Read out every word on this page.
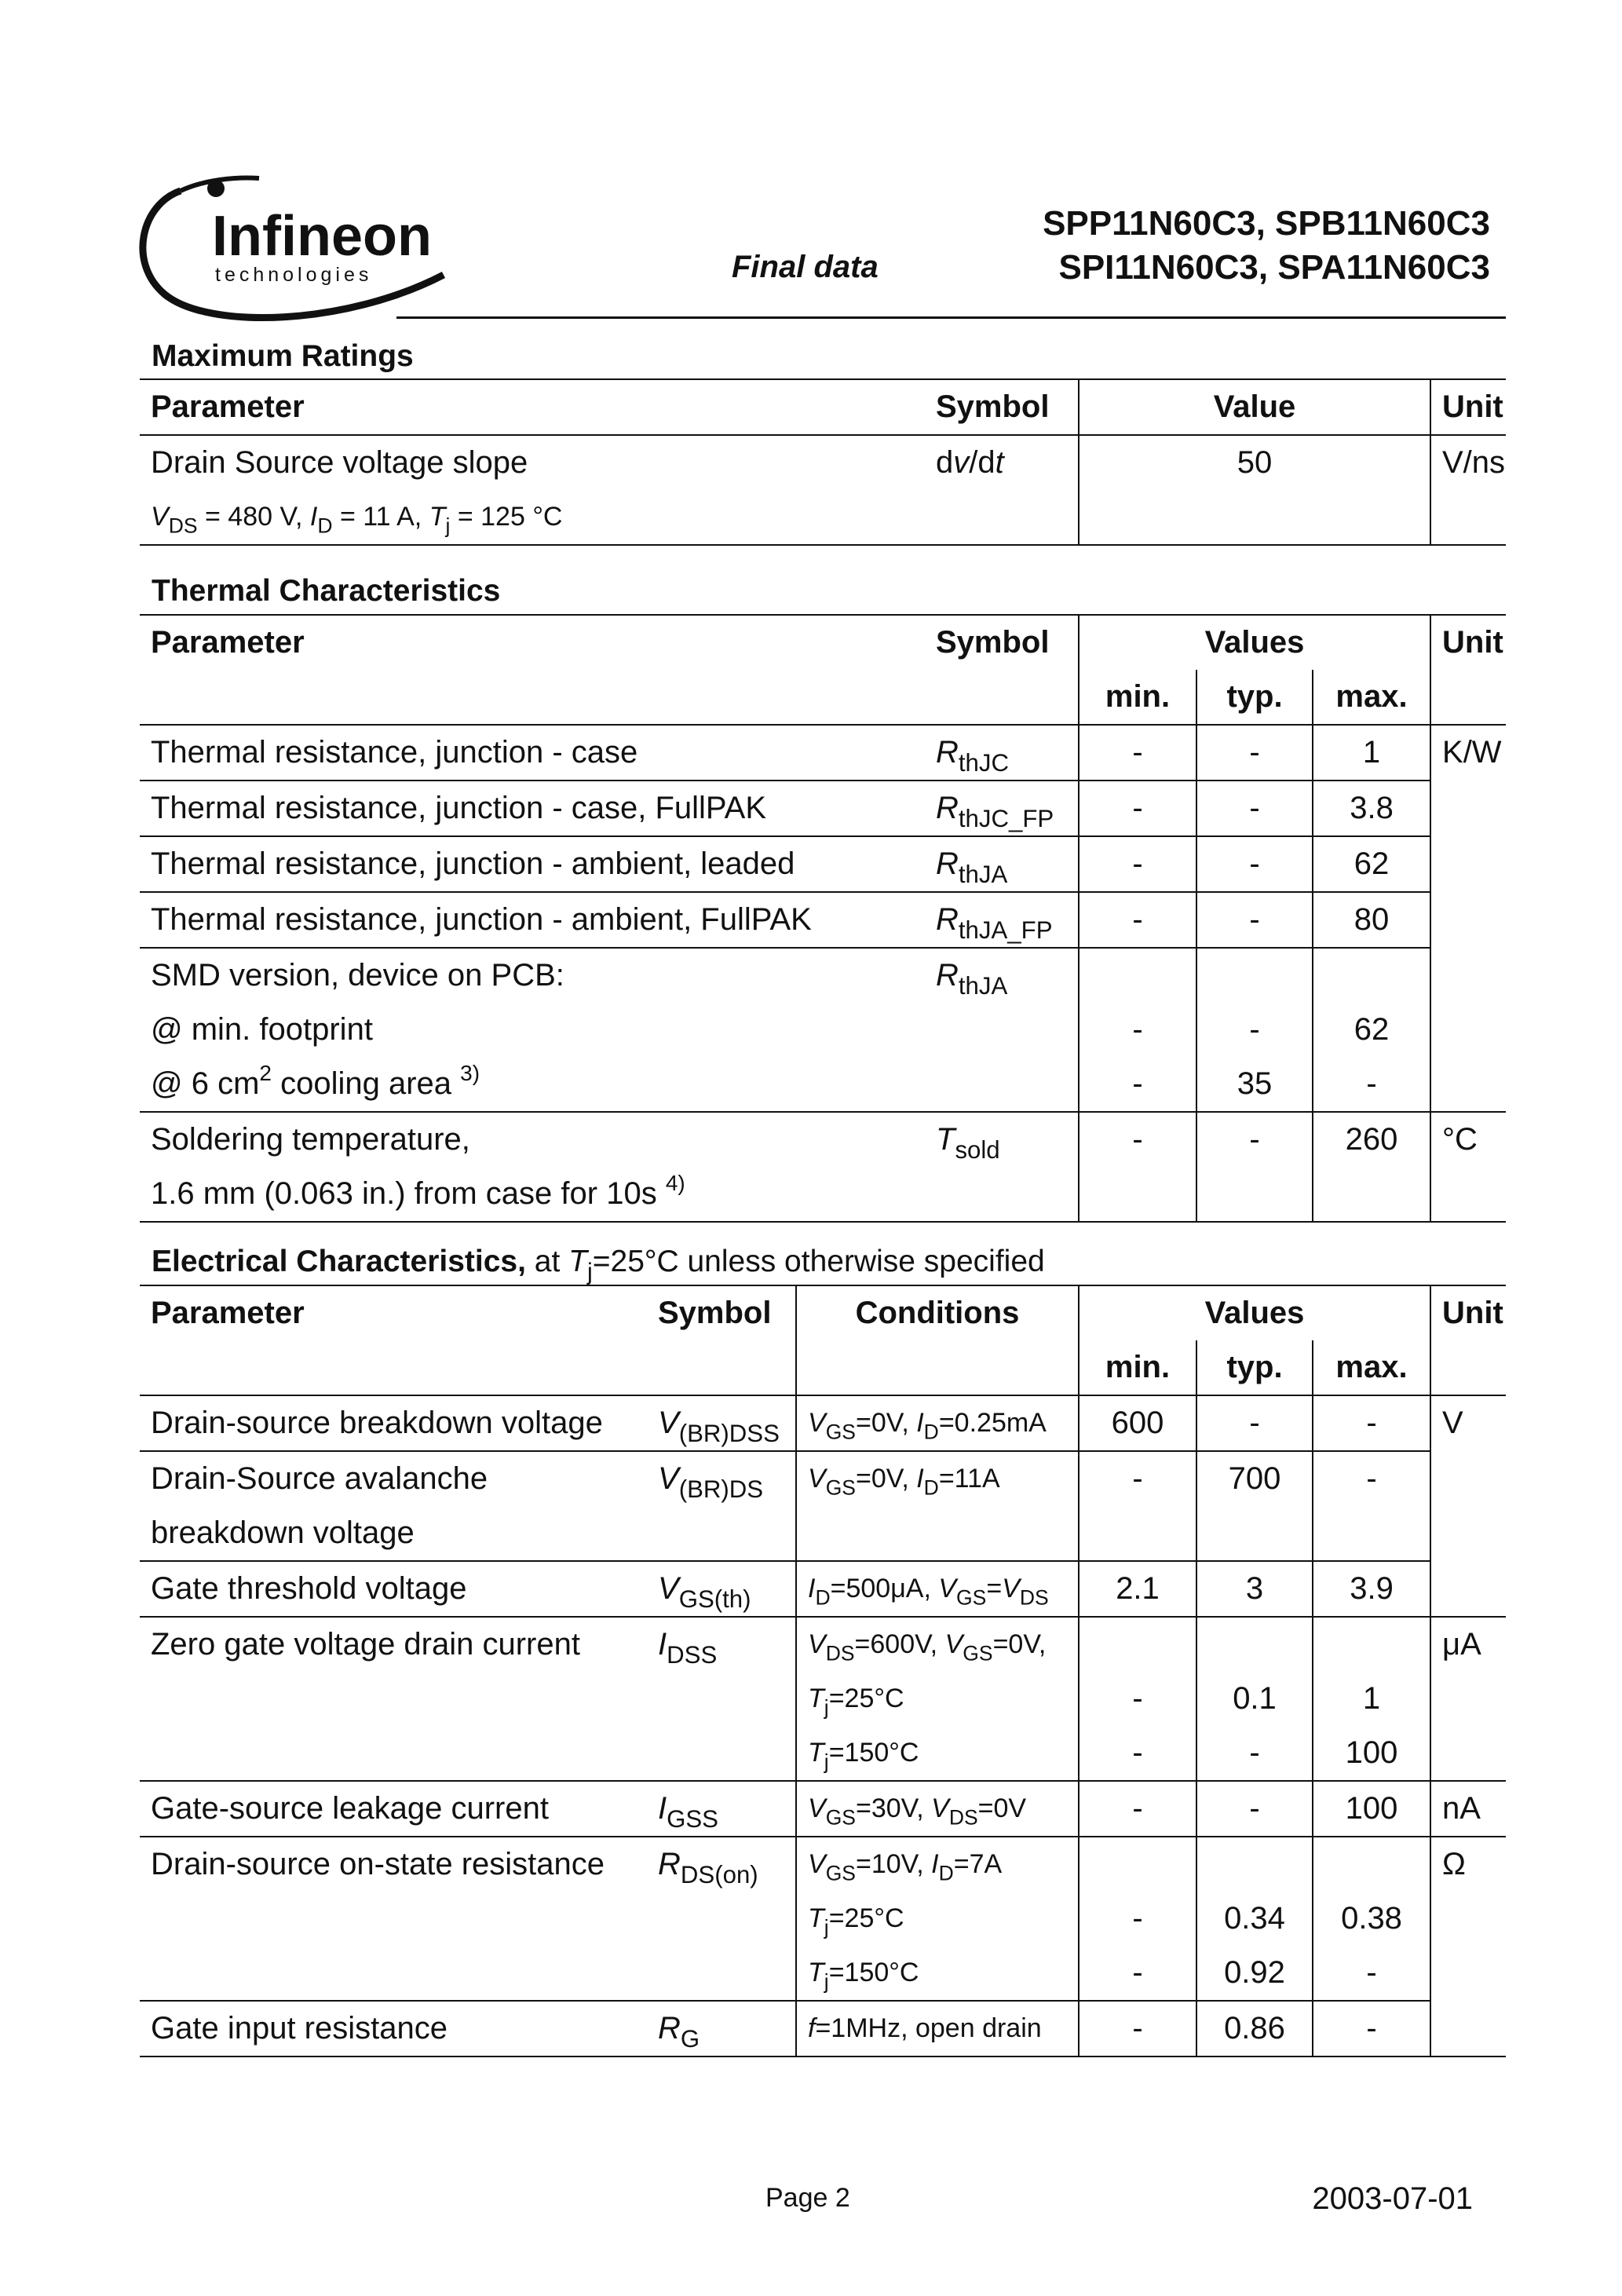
Infineon
technologies	Final data
SPP11N60C3, SPB11N60C3
SPI11N60C3, SPA11N60C3
Maximum Ratings
Parameter	Symbol	Value	Unit
Drain Source voltage slope	dv/dt	50	V/ns
$V_{DS} = 480$ V, $I_D = 11$ A, $T_j = 125$ °C			
Thermal Characteristics
Parameter	Symbol	Values			Unit
		min.	typ.	max.	
Thermal resistance, junction - case	$R_{thJC}$	-	-	1	K/W
Thermal resistance, junction - case, FullPAK	$R_{thJC\_FP}$	-	-	3.8	
Thermal resistance, junction - ambient, leaded	$R_{thJA}$	-	-	62	
Thermal resistance, junction - ambient, FullPAK	$R_{thJA\_FP}$	-	-	80	
SMD version, device on PCB:	$R_{thJA}$			
@ min. footprint		-	-	62	
@ 6 $cm^2$ cooling area $^{3)}$		-	35	-	
Soldering temperature,	$T_{sold}$	-	-	260	°C
1.6 mm (0.063 in.) from case for 10s $^{4)}$
Electrical Characteristics, at $T_j=25^\circ C$ unless otherwise specified
Parameter	Symbol	Conditions	Values			Unit
			min.	typ.	max.	
Drain-source breakdown voltage	$V_{(BR)DSS}$	$V_{GS}=0V$, $I_D=0.25mA$	600	-	-	V
Drain-Source avalanche	$V_{(BR)DS}$	$V_{GS}=0V$, $I_D=11A$	-	700	-	
breakdown voltage						
Gate threshold voltage	$V_{GS(th)}$	$I_D=500\mu A$, $V_{GS}=V_{DS}$	2.1	3	3.9	
Zero gate voltage drain current	$I_{DSS}$	$V_{DS}=600V$, $V_{GS}=0V$,				μA
		$T_j=25^\circ C$	-	0.1	1	
		$T_j=150^\circ C$	-	-	100	
Gate-source leakage current	$I_{GSS}$	$V_{GS}=30V$, $V_{DS}=0V$	-	-	100	nA
Drain-source on-state resistance	$R_{DS(on)}$	$V_{GS}=10V$, $I_D=7A$				Ω
		$T_j=25^\circ C$	-	0.34	0.38	
		$T_j=150^\circ C$	-	0.92	-	
Gate input resistance	$R_G$	f=1MHz, open drain	-	0.86	-	
Page 2	2003-07-01
